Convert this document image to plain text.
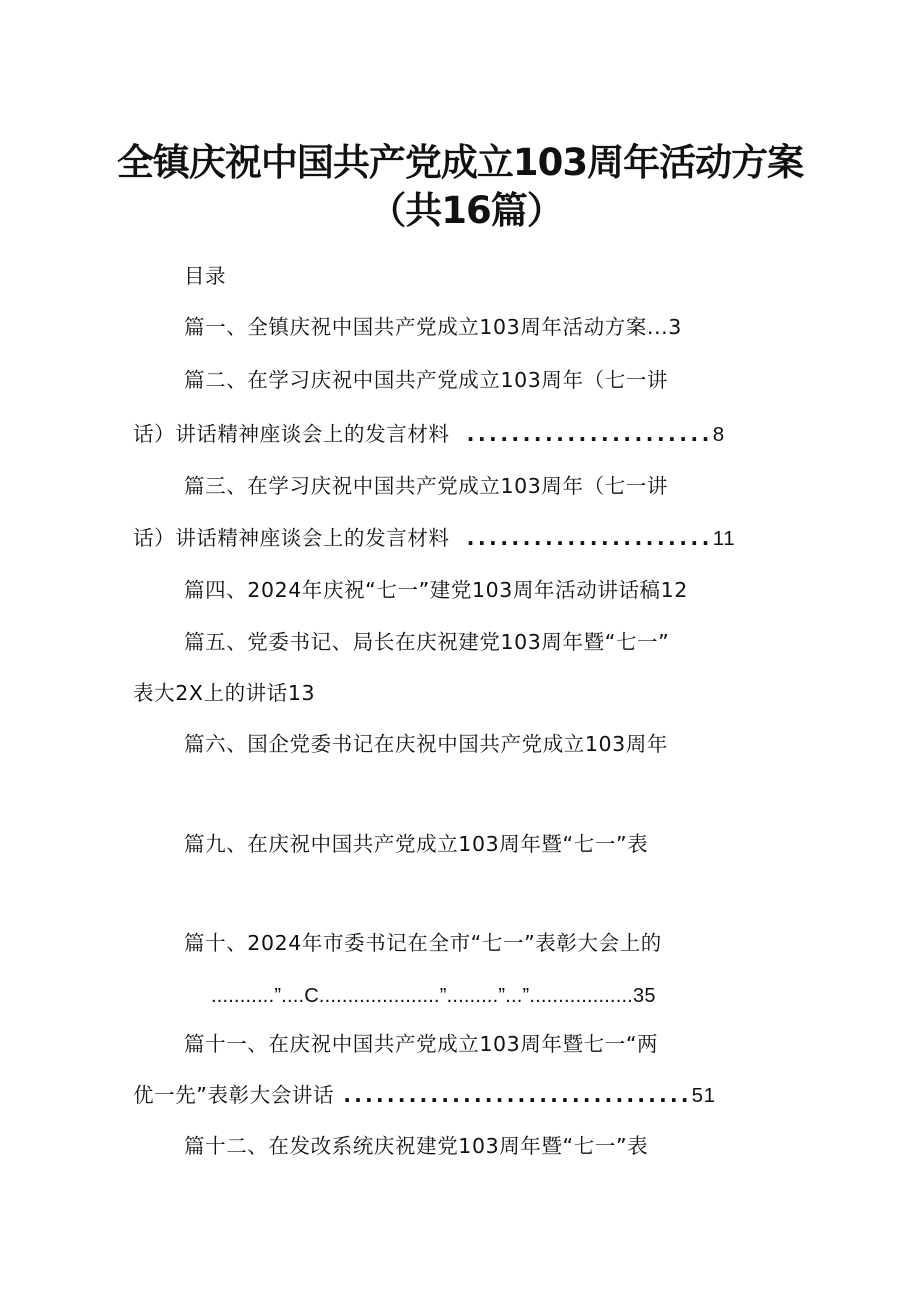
全镇庆祝中国共产党成立103周年活动方案
（共16篇）
目录
篇一、全镇庆祝中国共产党成立103周年活动方案...3
篇二、在学习庆祝中国共产党成立103周年（七一讲
话）讲话精神座谈会上的发言材料 ......................8
篇三、在学习庆祝中国共产党成立103周年（七一讲
话）讲话精神座谈会上的发言材料 ......................11
篇四、2024年庆祝“七一”建党103周年活动讲话稿12
篇五、党委书记、局长在庆祝建党103周年暨“七一”
表大2X上的讲话13
篇六、国企党委书记在庆祝中国共产党成立103周年
篇九、在庆祝中国共产党成立103周年暨“七一”表
篇十、2024年市委书记在全市“七一”表彰大会上的
...........”....C.....................”.........”...”..................35
篇十一、在庆祝中国共产党成立103周年暨七一“两
优一先”表彰大会讲话 ................................51
篇十二、在发改系统庆祝建党103周年暨“七一”表
